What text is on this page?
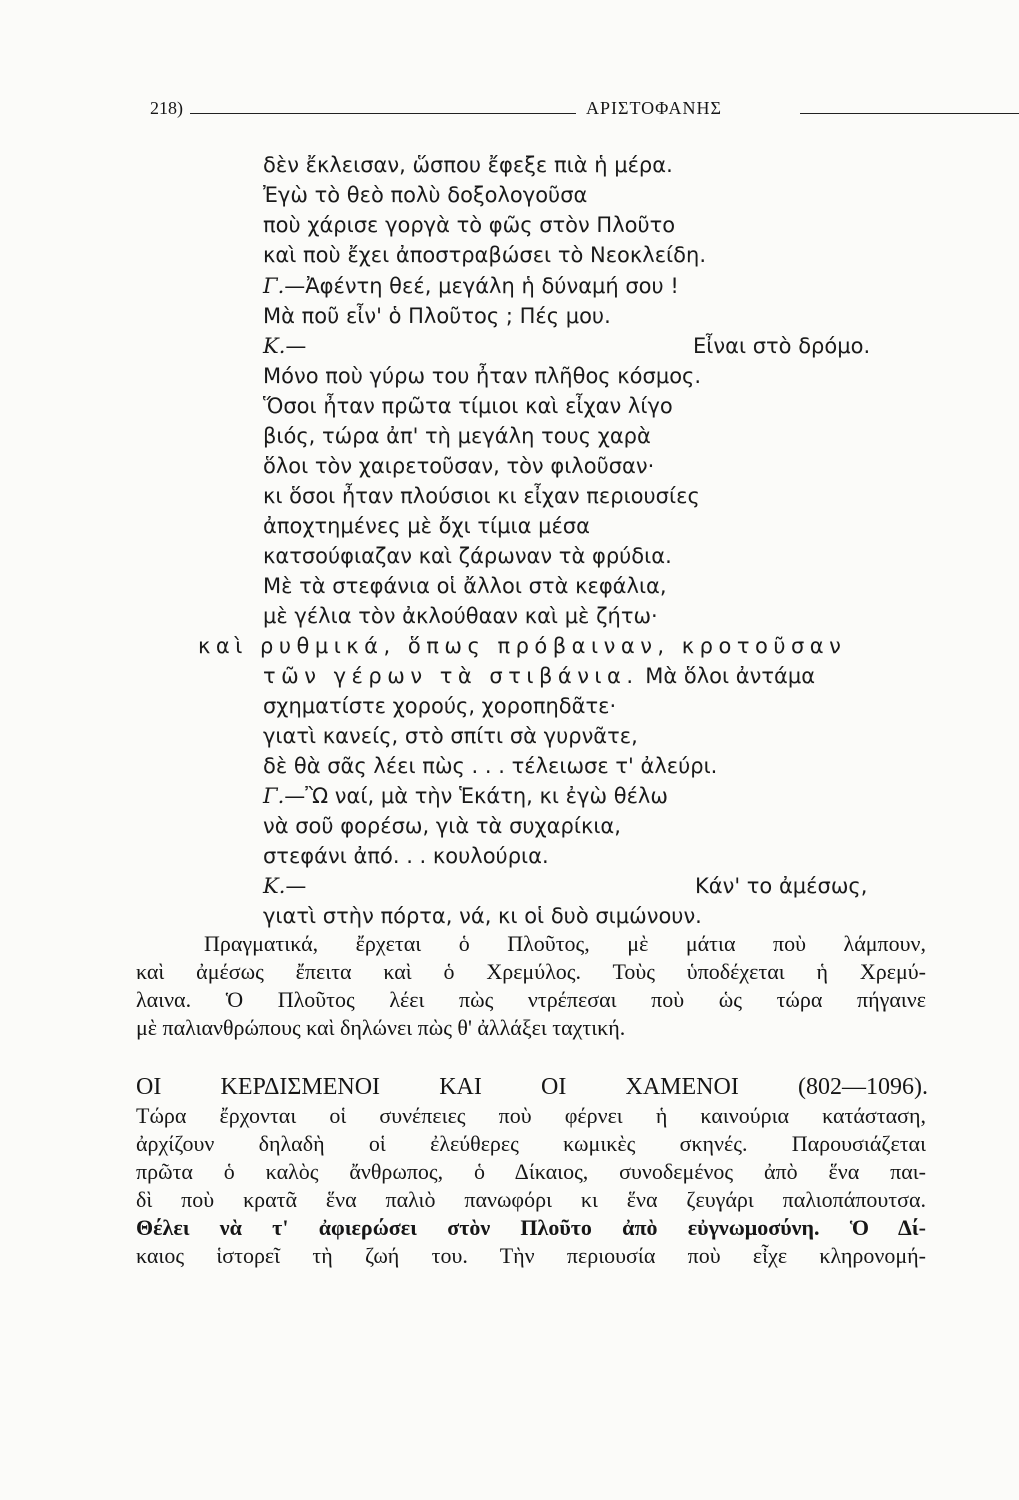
218)	ΑΡΙΣΤΟΦΑΝΗΣ
δὲν ἔκλεισαν, ὥσπου ἔφεξε πιὰ ἡ μέρα.
Ἐγὼ τὸ θεὸ πολὺ δοξολογοῦσα
ποὺ χάρισε γοργὰ τὸ φῶς στὸν Πλοῦτο
καὶ ποὺ ἔχει ἀποστραβώσει τὸ Νεοκλείδη.
Γ.—Ἀφέντη θεέ, μεγάλη ἡ δύναμή σου !
Μὰ ποῦ εἶν' ὁ Πλοῦτος ; Πές μου.
Κ.—	Εἶναι στὸ δρόμο.
Μόνο ποὺ γύρω του ἦταν πλῆθος κόσμος.
Ὅσοι ἦταν πρῶτα τίμιοι καὶ εἶχαν λίγο
βιός, τώρα ἀπ' τὴ μεγάλη τους χαρὰ
ὅλοι τὸν χαιρετοῦσαν, τὸν φιλοῦσαν·
κι ὅσοι ἦταν πλούσιοι κι εἶχαν περιουσίες
ἀποχτημένες μὲ ὄχι τίμια μέσα
κατσούφιαζαν καὶ ζάρωναν τὰ φρύδια.
Μὲ τὰ στεφάνια οἱ ἄλλοι στὰ κεφάλια,
μὲ γέλια τὸν ἀκλούθααν καὶ μὲ ζήτω·
καὶ ρυθμικά, ὅπως πρόβαιναν, κροτοῦσαν
τῶν γέρων τὰ στιβάνια. Μὰ ὅλοι ἀντάμα
σχηματίστε χορούς, χοροπηδᾶτε·
γιατὶ κανείς, στὸ σπίτι σὰ γυρνᾶτε,
δὲ θὰ σᾶς λέει πὼς . . . τέλειωσε τ' ἀλεύρι.
Γ.—Ὢ ναί, μὰ τὴν Ἑκάτη, κι ἐγὼ θέλω
νὰ σοῦ φορέσω, γιὰ τὰ συχαρίκια,
στεφάνι ἀπό. . . κουλούρια.
Κ.—	Κάν' το ἀμέσως,
γιατὶ στὴν πόρτα, νά, κι οἱ δυὸ σιμώνουν.
Πραγματικά, ἔρχεται ὁ Πλοῦτος, μὲ μάτια ποὺ λάμπουν,
καὶ ἀμέσως ἔπειτα καὶ ὁ Χρεμύλος. Τοὺς ὑποδέχεται ἡ Χρεμύ-
λαινα. Ὁ Πλοῦτος λέει πὼς ντρέπεσαι ποὺ ὡς τώρα πήγαινε
μὲ παλιανθρώπους καὶ δηλώνει πὼς θ' ἀλλάξει ταχτική.
ΟΙ ΚΕΡΔΙΣΜΕΝΟΙ ΚΑΙ ΟΙ ΧΑΜΕΝΟΙ (802—1096).
Τώρα ἔρχονται οἱ συνέπειες ποὺ φέρνει ἡ καινούρια κατάσταση,
ἀρχίζουν δηλαδὴ οἱ ἐλεύθερες κωμικὲς σκηνές. Παρουσιάζεται
πρῶτα ὁ καλὸς ἄνθρωπος, ὁ Δίκαιος, συνοδεμένος ἀπὸ ἕνα παι-
δὶ ποὺ κρατᾶ ἕνα παλιὸ πανωφόρι κι ἕνα ζευγάρι παλιοπάπουτσα.
Θέλει νὰ τ' ἀφιερώσει στὸν Πλοῦτο ἀπὸ εὐγνωμοσύνη. Ὁ Δί-
καιος ἱστορεῖ τὴ ζωή του. Τὴν περιουσία ποὺ εἶχε κληρονομή-
